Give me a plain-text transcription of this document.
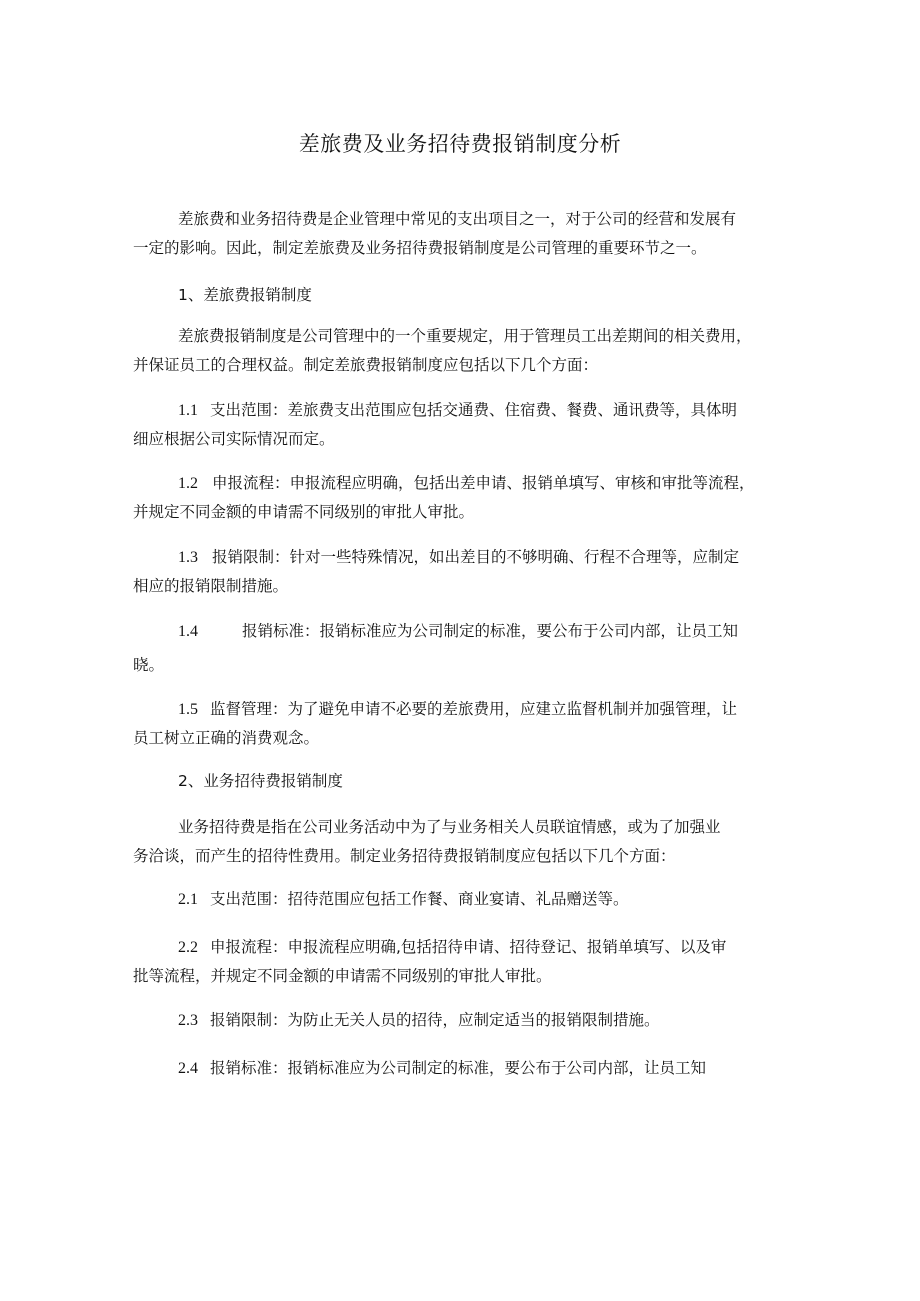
差旅费及业务招待费报销制度分析
差旅费和业务招待费是企业管理中常见的支出项目之一，对于公司的经营和发展有
一定的影响。因此，制定差旅费及业务招待费报销制度是公司管理的重要环节之一。
1、差旅费报销制度
差旅费报销制度是公司管理中的一个重要规定，用于管理员工出差期间的相关费用，
并保证员工的合理权益。制定差旅费报销制度应包括以下几个方面：
1.1 支出范围：差旅费支出范围应包括交通费、住宿费、餐费、通讯费等，具体明
细应根据公司实际情况而定。
1.2 申报流程：申报流程应明确，包括出差申请、报销单填写、审核和审批等流程，
并规定不同金额的申请需不同级别的审批人审批。
1.3 报销限制：针对一些特殊情况，如出差目的不够明确、行程不合理等，应制定
相应的报销限制措施。
1.4	报销标准：报销标准应为公司制定的标准，要公布于公司内部，让员工知
晓。
1.5 监督管理：为了避免申请不必要的差旅费用，应建立监督机制并加强管理，让
员工树立正确的消费观念。
2、业务招待费报销制度
业务招待费是指在公司业务活动中为了与业务相关人员联谊情感，或为了加强业
务洽谈，而产生的招待性费用。制定业务招待费报销制度应包括以下几个方面：
2.1 支出范围：招待范围应包括工作餐、商业宴请、礼品赠送等。
2.2 申报流程：申报流程应明确,包括招待申请、招待登记、报销单填写、以及审
批等流程，并规定不同金额的申请需不同级别的审批人审批。
2.3 报销限制：为防止无关人员的招待，应制定适当的报销限制措施。
2.4 报销标准：报销标准应为公司制定的标准，要公布于公司内部，让员工知
